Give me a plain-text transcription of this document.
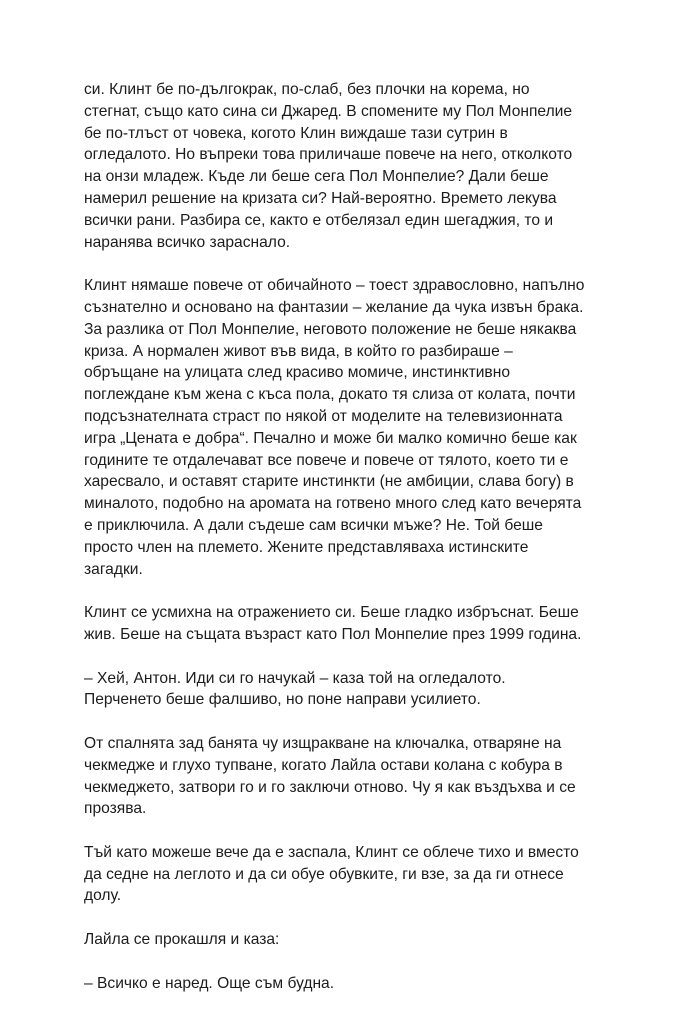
си. Клинт бе по-дългокрак, по-слаб, без плочки на корема, но
стегнат, също като сина си Джаред. В спомените му Пол Монпелие
бе по-тлъст от човека, когото Клин виждаше тази сутрин в
огледалото. Но въпреки това приличаше повече на него, отколкото
на онзи младеж. Къде ли беше сега Пол Монпелие? Дали беше
намерил решение на кризата си? Най-вероятно. Времето лекува
всички рани. Разбира се, както е отбелязал един шегаджия, то и
наранява всичко зараснало.

Клинт нямаше повече от обичайното – тоест здравословно, напълно
съзнателно и основано на фантазии – желание да чука извън брака.
За разлика от Пол Монпелие, неговото положение не беше някаква
криза. А нормален живот във вида, в който го разбираше –
обръщане на улицата след красиво момиче, инстинктивно
поглеждане към жена с къса пола, докато тя слиза от колата, почти
подсъзнателната страст по някой от моделите на телевизионната
игра „Цената е добра“. Печално и може би малко комично беше как
годините те отдалечават все повече и повече от тялото, което ти е
харесвало, и оставят старите инстинкти (не амбиции, слава богу) в
миналото, подобно на аромата на готвено много след като вечерята
е приключила. А дали съдеше сам всички мъже? Не. Той беше
просто член на племето. Жените представляваха истинските
загадки.

Клинт се усмихна на отражението си. Беше гладко избръснат. Беше
жив. Беше на същата възраст като Пол Монпелие през 1999 година.

– Хей, Антон. Иди си го начукай – каза той на огледалото.
Перченето беше фалшиво, но поне направи усилието.

От спалнята зад банята чу изщракване на ключалка, отваряне на
чекмедже и глухо тупване, когато Лайла остави колана с кобура в
чекмеджето, затвори го и го заключи отново. Чу я как въздъхва и се
прозява.

Тъй като можеше вече да е заспала, Клинт се облече тихо и вместо
да седне на леглото и да си обуе обувките, ги взе, за да ги отнесе
долу.

Лайла се прокашля и каза:

– Всичко е наред. Още съм будна.
